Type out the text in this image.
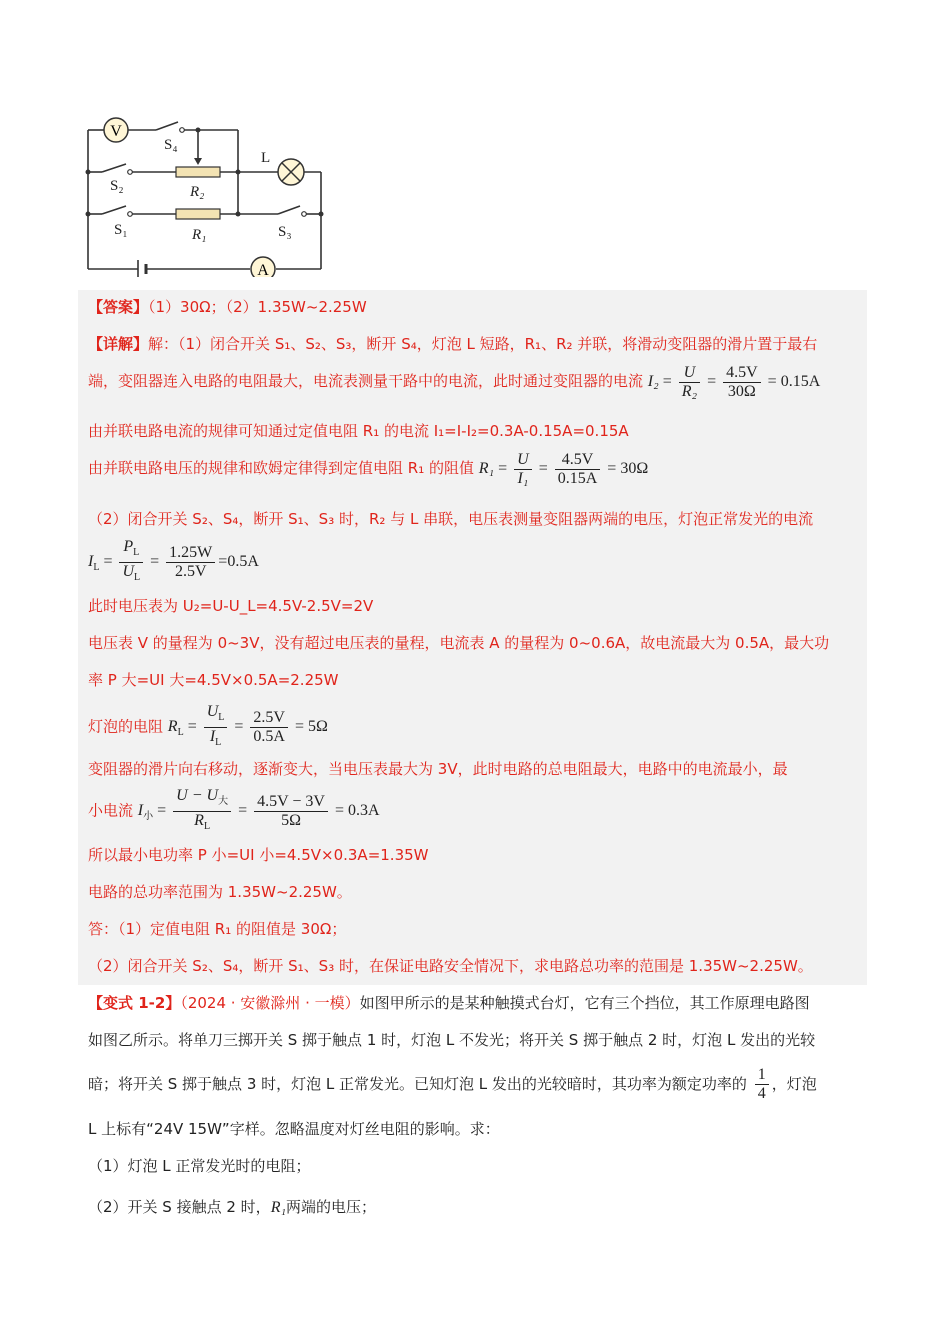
V
A
L
S₄
S₂	R₂
S₁	R₁	S₃
【答案】（1）30Ω；（2）1.35W~2.25W
【详解】解：（1）闭合开关 S₁、S₂、S₃，断开 S₄，灯泡 L 短路，R₁、R₂ 并联，将滑动变阻器的滑片置于最右
端，变阻器连入电路的电阻最大，电流表测量干路中的电流，此时通过变阻器的电流 $I_2 = \frac{U}{\text{R₂}} = \frac{4.5V}{30\Omega} = 0.15A$
由并联电路电流的规律可知通过定值电阻 R₁ 的电流 I₁=I-I₂=0.3A-0.15A=0.15A
由并联电路电压的规律和欧姆定律得到定值电阻 R₁ 的阻值 $R_1 = \frac{U}{\text{I₁}} = \frac{4.5V}{0.15A} = 30\Omega$
（2）闭合开关 S₂、S₄，断开 S₁、S₃ 时，R₂ 与 L 串联，电压表测量变阻器两端的电压，灯泡正常发光的电流
$I_L = \frac{P_L}{U_L} = \frac{1.25W}{2.5V} =0.5A$
此时电压表为 U₂=U-U_L=4.5V-2.5V=2V
电压表 V 的量程为 0~3V，没有超过电压表的量程，电流表 A 的量程为 0~0.6A，故电流最大为 0.5A，最大功
率 P 大=UI 大=4.5V×0.5A=2.25W
灯泡的电阻 $R_L = \frac{U_L}{I_L} = \frac{2.5V}{0.5A} = 5\Omega$
变阻器的滑片向右移动，逐渐变大，当电压表最大为 3V，此时电路的总电阻最大，电路中的电流最小，最
小电流 $I_小 = \frac{U - U_大}{R_L} = \frac{4.5V - 3V}{5\Omega} = 0.3A$
所以最小电功率 P 小=UI 小=4.5V×0.3A=1.35W
电路的总功率范围为 1.35W~2.25W。
答：（1）定值电阻 R₁ 的阻值是 30Ω；
（2）闭合开关 S₂、S₄，断开 S₁、S₃ 时，在保证电路安全情况下，求电路总功率的范围是 1.35W~2.25W。
【变式 1-2】（2024 · 安徽滁州 · 一模）如图甲所示的是某种触摸式台灯，它有三个挡位，其工作原理电路图
如图乙所示。将单刀三掷开关 S 掷于触点 1 时，灯泡 L 不发光；将开关 S 掷于触点 2 时，灯泡 L 发出的光较
暗；将开关 S 掷于触点 3 时，灯泡 L 正常发光。已知灯泡 L 发出的光较暗时，其功率为额定功率的 $\frac{1}{4}$ ，灯泡
L 上标有“24V 15W”字样。忽略温度对灯丝电阻的影响。求：
（1）灯泡 L 正常发光时的电阻；
（2）开关 S 接触点 2 时，R₁两端的电压；
